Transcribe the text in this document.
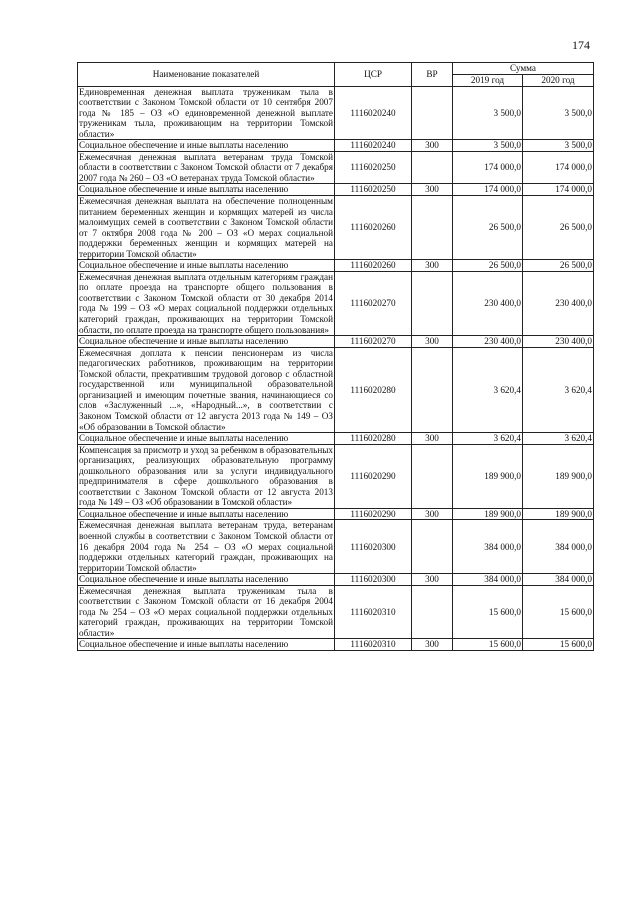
174
Наименование показателей	ЦСР	ВР	Сумма	
			2019 год	2020 год
Единовременная денежная выплата труженикам тыла в соответствии с Законом Томской области от 10 сентября 2007 года № 185 – ОЗ «О единовременной денежной выплате труженикам тыла, проживающим на территории Томской области»	1116020240		3 500,0	3 500,0
Социальное обеспечение и иные выплаты населению	1116020240	300	3 500,0	3 500,0
Ежемесячная денежная выплата ветеранам труда Томской области в соответствии с Законом Томской области от 7 декабря 2007 года № 260 – ОЗ «О ветеранах труда Томской области»	1116020250		174 000,0	174 000,0
Социальное обеспечение и иные выплаты населению	1116020250	300	174 000,0	174 000,0
Ежемесячная денежная выплата на обеспечение полноценным питанием беременных женщин и кормящих матерей из числа малоимущих семей в соответствии с Законом Томской области от 7 октября 2008 года № 200 – ОЗ «О мерах социальной поддержки беременных женщин и кормящих матерей на территории Томской области»	1116020260		26 500,0	26 500,0
Социальное обеспечение и иные выплаты населению	1116020260	300	26 500,0	26 500,0
Ежемесячная денежная выплата отдельным категориям граждан по оплате проезда на транспорте общего пользования в соответствии с Законом Томской области от 30 декабря 2014 года № 199 – ОЗ «О мерах социальной поддержки отдельных категорий граждан, проживающих на территории Томской области, по оплате проезда на транспорте общего пользования»	1116020270		230 400,0	230 400,0
Социальное обеспечение и иные выплаты населению	1116020270	300	230 400,0	230 400,0
Ежемесячная доплата к пенсии пенсионерам из числа педагогических работников, проживающим на территории Томской области, прекратившим трудовой договор с областной государственной или муниципальной образовательной организацией и имеющим почетные звания, начинающиеся со слов «Заслуженный ...», «Народный...», в соответствии с Законом Томской области от 12 августа 2013 года № 149 – ОЗ «Об образовании в Томской области»	1116020280		3 620,4	3 620,4
Социальное обеспечение и иные выплаты населению	1116020280	300	3 620,4	3 620,4
Компенсация за присмотр и уход за ребенком в образовательных организациях, реализующих образовательную программу дошкольного образования или за услуги индивидуального предпринимателя в сфере дошкольного образования в соответствии с Законом Томской области от 12 августа 2013 года № 149 – ОЗ «Об образовании в Томской области»	1116020290		189 900,0	189 900,0
Социальное обеспечение и иные выплаты населению	1116020290	300	189 900,0	189 900,0
Ежемесячная денежная выплата ветеранам труда, ветеранам военной службы в соответствии с Законом Томской области от 16 декабря 2004 года № 254 – ОЗ «О мерах социальной поддержки отдельных категорий граждан, проживающих на территории Томской области»	1116020300		384 000,0	384 000,0
Социальное обеспечение и иные выплаты населению	1116020300	300	384 000,0	384 000,0
Ежемесячная денежная выплата труженикам тыла в соответствии с Законом Томской области от 16 декабря 2004 года № 254 – ОЗ «О мерах социальной поддержки отдельных категорий граждан, проживающих на территории Томской области»	1116020310		15 600,0	15 600,0
Социальное обеспечение и иные выплаты населению	1116020310	300	15 600,0	15 600,0
